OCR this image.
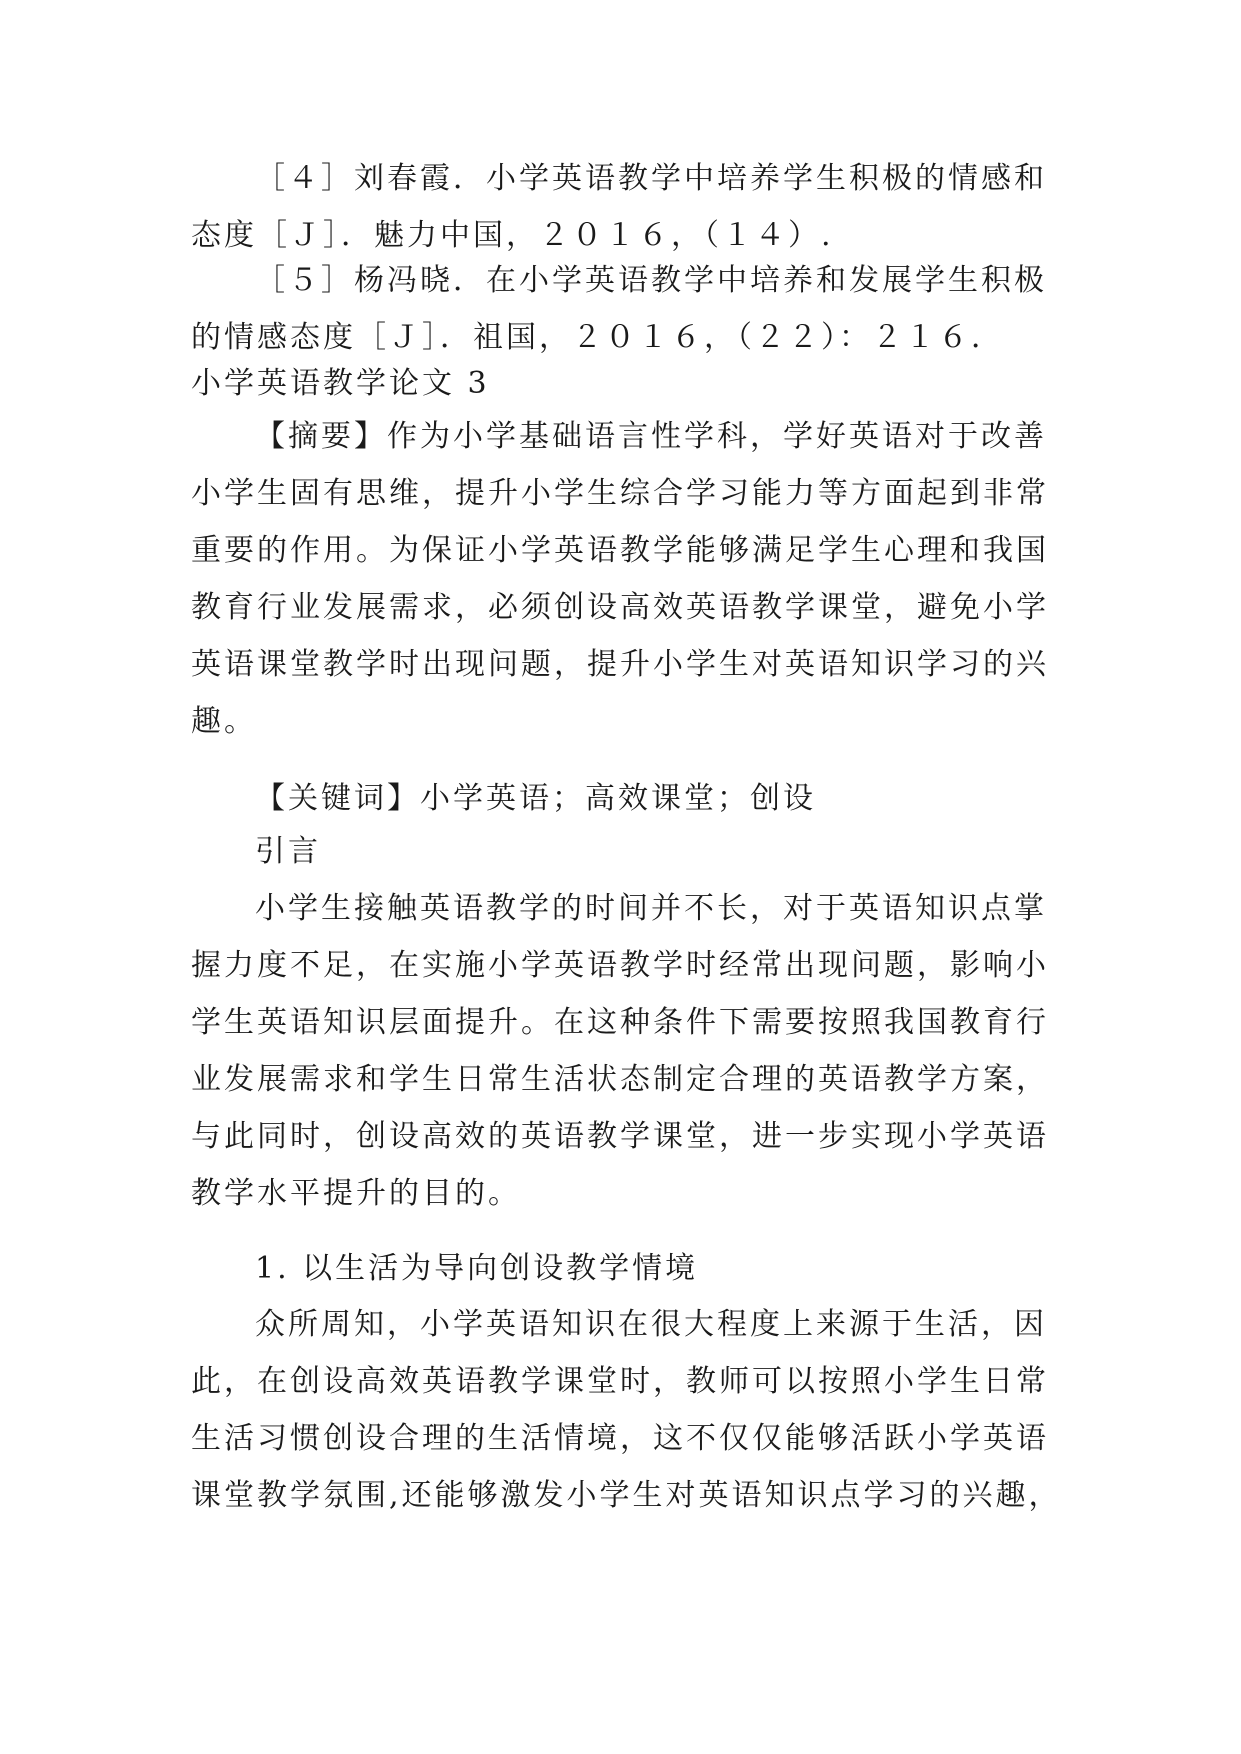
［４］刘春霞．小学英语教学中培养学生积极的情感和
态度［Ｊ］．魅力中国，２０１６，（１４）.
［５］杨冯晓．在小学英语教学中培养和发展学生积极
的情感态度［Ｊ］．祖国，２０１６，（２２）：２１６．
小学英语教学论文 3
【摘要】作为小学基础语言性学科，学好英语对于改善
小学生固有思维，提升小学生综合学习能力等方面起到非常
重要的作用。为保证小学英语教学能够满足学生心理和我国
教育行业发展需求，必须创设高效英语教学课堂，避免小学
英语课堂教学时出现问题，提升小学生对英语知识学习的兴
趣。
【关键词】小学英语；高效课堂；创设
引言
小学生接触英语教学的时间并不长，对于英语知识点掌
握力度不足，在实施小学英语教学时经常出现问题，影响小
学生英语知识层面提升。在这种条件下需要按照我国教育行
业发展需求和学生日常生活状态制定合理的英语教学方案，
与此同时，创设高效的英语教学课堂，进一步实现小学英语
教学水平提升的目的。
1. 以生活为导向创设教学情境
众所周知，小学英语知识在很大程度上来源于生活，因
此，在创设高效英语教学课堂时，教师可以按照小学生日常
生活习惯创设合理的生活情境，这不仅仅能够活跃小学英语
课堂教学氛围,还能够激发小学生对英语知识点学习的兴趣，
